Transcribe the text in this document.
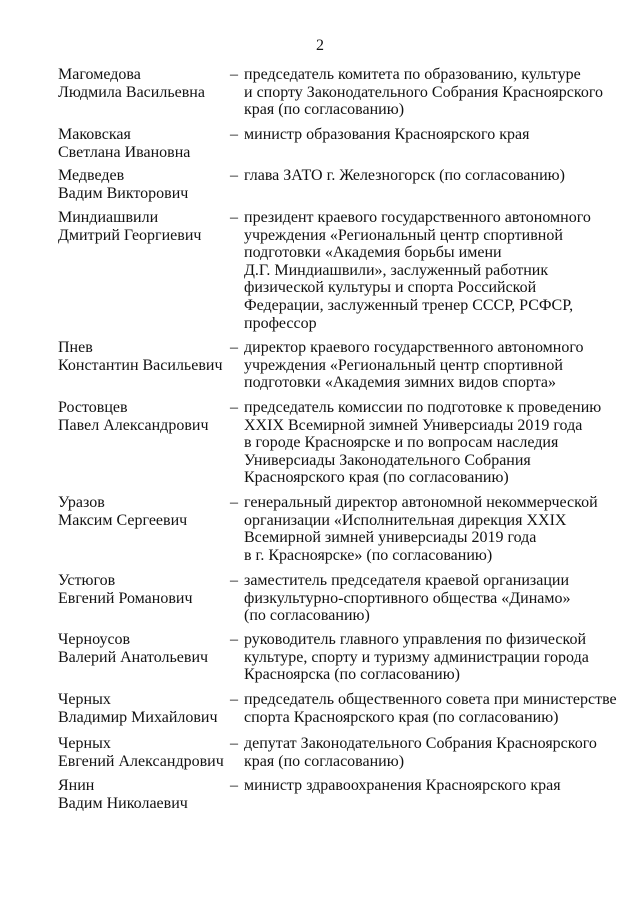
2
Магомедова
Людмила Васильевна
– председатель комитета по образованию, культуре
и спорту Законодательного Собрания Красноярского
края (по согласованию)
Маковская
Светлана Ивановна
– министр образования Красноярского края
Медведев
Вадим Викторович
– глава ЗАТО г. Железногорск (по согласованию)
Миндиашвили
Дмитрий Георгиевич
– президент краевого государственного автономного
учреждения «Региональный центр спортивной
подготовки «Академия борьбы имени
Д.Г. Миндиашвили», заслуженный работник
физической культуры и спорта Российской
Федерации, заслуженный тренер СССР, РСФСР,
профессор
Пнев
Константин Васильевич
– директор краевого государственного автономного
учреждения «Региональный центр спортивной
подготовки «Академия зимних видов спорта»
Ростовцев
Павел Александрович
– председатель комиссии по подготовке к проведению
XXIX Всемирной зимней Универсиады 2019 года
в городе Красноярске и по вопросам наследия
Универсиады Законодательного Собрания
Красноярского края (по согласованию)
Уразов
Максим Сергеевич
– генеральный директор автономной некоммерческой
организации «Исполнительная дирекция XXIX
Всемирной зимней универсиады 2019 года
в г. Красноярске» (по согласованию)
Устюгов
Евгений Романович
– заместитель председателя краевой организации
физкультурно-спортивного общества «Динамо»
(по согласованию)
Черноусов
Валерий Анатольевич
– руководитель главного управления по физической
культуре, спорту и туризму администрации города
Красноярска (по согласованию)
Черных
Владимир Михайлович
– председатель общественного совета при министерстве
спорта Красноярского края (по согласованию)
Черных
Евгений Александрович
– депутат Законодательного Собрания Красноярского
края (по согласованию)
Янин
Вадим Николаевич
– министр здравоохранения Красноярского края
